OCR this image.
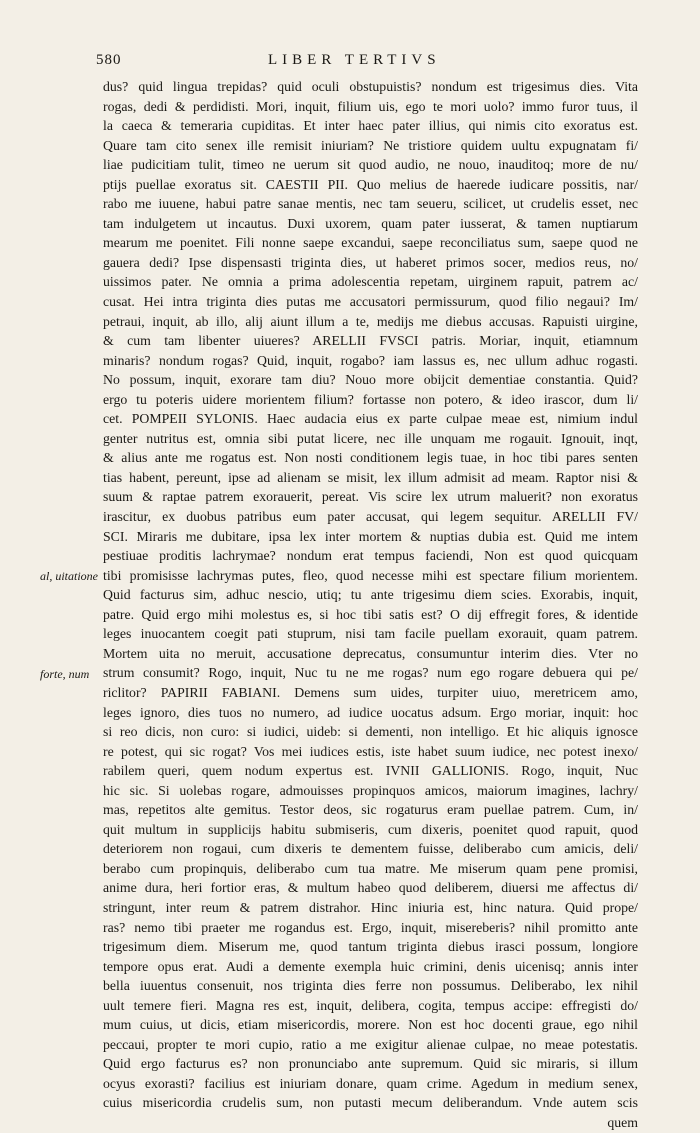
580	LIBER TERTIVS
al, uitatione
forte, num
dus? quid lingua trepidas? quid oculi obstupuistis? nondum est trigesimus dies. Vita
rogas, dedi & perdidisti. Mori, inquit, filium uis, ego te mori uolo? immo furor tuus, il
la caeca & temeraria cupiditas. Et inter haec pater illius, qui nimis cito exoratus est.
Quare tam cito senex ille remisit iniuriam? Ne tristiore quidem uultu expugnatam fi/
liae pudicitiam tulit, timeo ne uerum sit quod audio, ne nouo, inauditoq; more de nu/
ptijs puellae exoratus sit. CAESTII PII. Quo melius de haerede iudicare possitis, nar/
rabo me iuuene, habui patre sanae mentis, nec tam seueru, scilicet, ut crudelis esset, nec
tam indulgetem ut incautus. Duxi uxorem, quam pater iusserat, & tamen nuptiarum
mearum me poenitet. Fili nonne saepe excandui, saepe reconciliatus sum, saepe quod ne
gauera dedi? Ipse dispensasti triginta dies, ut haberet primos socer, medios reus, no/
uissimos pater. Ne omnia a prima adolescentia repetam, uirginem rapuit, patrem ac/
cusat. Hei intra triginta dies putas me accusatori permissurum, quod filio negaui? Im/
petraui, inquit, ab illo, alij aiunt illum a te, medijs me diebus accusas. Rapuisti uirgine,
& cum tam libenter uiueres? ARELLII FVSCI patris. Moriar, inquit, etiamnum
minaris? nondum rogas? Quid, inquit, rogabo? iam lassus es, nec ullum adhuc rogasti.
No possum, inquit, exorare tam diu? Nouo more obijcit dementiae constantia. Quid?
ergo tu poteris uidere morientem filium? fortasse non potero, & ideo irascor, dum li/
cet. POMPEII SYLONIS. Haec audacia eius ex parte culpae meae est, nimium indul
genter nutritus est, omnia sibi putat licere, nec ille unquam me rogauit. Ignouit, inqt,
& alius ante me rogatus est. Non nosti conditionem legis tuae, in hoc tibi pares senten
tias habent, pereunt, ipse ad alienam se misit, lex illum admisit ad meam. Raptor nisi &
suum & raptae patrem exorauerit, pereat. Vis scire lex utrum maluerit? non exoratus
irascitur, ex duobus patribus eum pater accusat, qui legem sequitur. ARELLII FV/
SCI. Miraris me dubitare, ipsa lex inter mortem & nuptias dubia est. Quid me intem
pestiuae proditis lachrymae? nondum erat tempus faciendi, Non est quod quicquam
tibi promisisse lachrymas putes, fleo, quod necesse mihi est spectare filium morientem.
Quid facturus sim, adhuc nescio, utiq; tu ante trigesimu diem scies. Exorabis, inquit,
patre. Quid ergo mihi molestus es, si hoc tibi satis est? O dij effregit fores, & identide
leges inuocantem coegit pati stuprum, nisi tam facile puellam exorauit, quam patrem.
Mortem uita no meruit, accusatione deprecatus, consumuntur interim dies. Vter no
strum consumit? Rogo, inquit, Nuc tu ne me rogas? num ego rogare debuera qui pe/
riclitor? PAPIRII FABIANI. Demens sum uides, turpiter uiuo, meretricem amo,
leges ignoro, dies tuos no numero, ad iudice uocatus adsum. Ergo moriar, inquit: hoc
si reo dicis, non curo: si iudici, uideb: si dementi, non intelligo. Et hic aliquis ignosce
re potest, qui sic rogat? Vos mei iudices estis, iste habet suum iudice, nec potest inexo/
rabilem queri, quem nodum expertus est. IVNII GALLIONIS. Rogo, inquit, Nuc
hic sic. Si uolebas rogare, admouisses propinquos amicos, maiorum imagines, lachry/
mas, repetitos alte gemitus. Testor deos, sic rogaturus eram puellae patrem. Cum, in/
quit multum in supplicijs habitu submiseris, cum dixeris, poenitet quod rapuit, quod
deteriorem non rogaui, cum dixeris te dementem fuisse, deliberabo cum amicis, deli/
berabo cum propinquis, deliberabo cum tua matre. Me miserum quam pene promisi,
anime dura, heri fortior eras, & multum habeo quod deliberem, diuersi me affectus di/
stringunt, inter reum & patrem distrahor. Hinc iniuria est, hinc natura. Quid prope/
ras? nemo tibi praeter me rogandus est. Ergo, inquit, misereberis? nihil promitto ante
trigesimum diem. Miserum me, quod tantum triginta diebus irasci possum, longiore
tempore opus erat. Audi a demente exempla huic crimini, denis uicenisq; annis inter
bella iuuentus consenuit, nos triginta dies ferre non possumus. Deliberabo, lex nihil
uult temere fieri. Magna res est, inquit, delibera, cogita, tempus accipe: effregisti do/
mum cuius, ut dicis, etiam misericordis, morere. Non est hoc docenti graue, ego nihil
peccaui, propter te mori cupio, ratio a me exigitur alienae culpae, no meae potestatis.
Quid ergo facturus es? non pronunciabo ante supremum. Quid sic miraris, si illum
ocyus exorasti? facilius est iniuriam donare, quam crime. Agedum in medium senex,
cuius misericordia crudelis sum, non putasti mecum deliberandum. Vnde autem scis
quem
